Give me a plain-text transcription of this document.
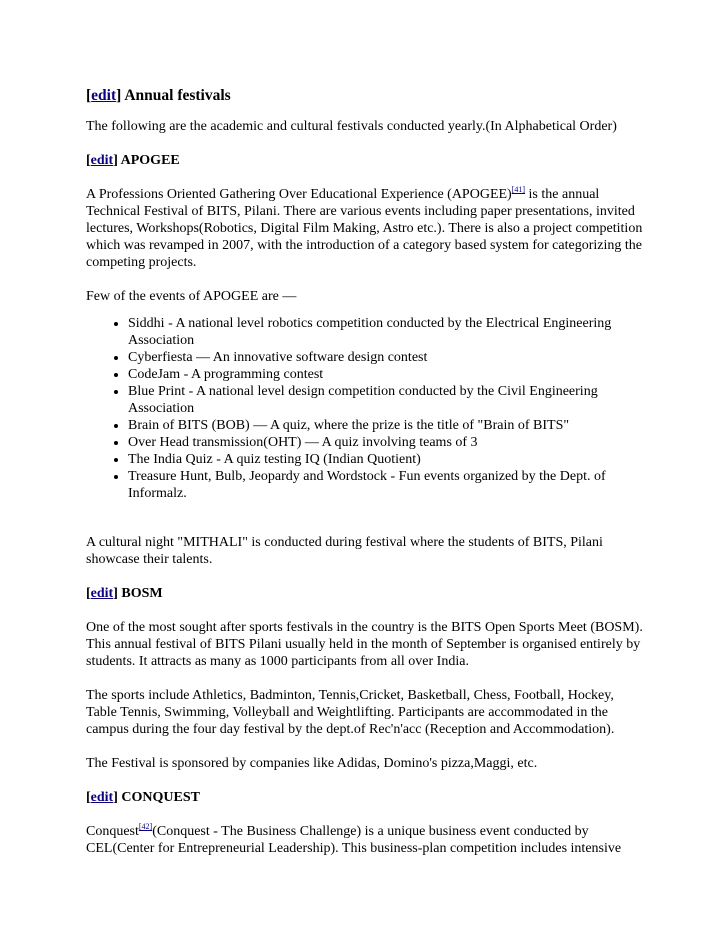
[edit] Annual festivals

The following are the academic and cultural festivals conducted yearly.(In Alphabetical Order)

[edit] APOGEE

A Professions Oriented Gathering Over Educational Experience (APOGEE)[41] is the annual Technical Festival of BITS, Pilani. There are various events including paper presentations, invited lectures, Workshops(Robotics, Digital Film Making, Astro etc.). There is also a project competition which was revamped in 2007, with the introduction of a category based system for categorizing the competing projects.

Few of the events of APOGEE are —

• Siddhi - A national level robotics competition conducted by the Electrical Engineering Association
• Cyberfiesta — An innovative software design contest
• CodeJam - A programming contest
• Blue Print - A national level design competition conducted by the Civil Engineering Association
• Brain of BITS (BOB) — A quiz, where the prize is the title of "Brain of BITS"
• Over Head transmission(OHT) — A quiz involving teams of 3
• The India Quiz - A quiz testing IQ (Indian Quotient)
• Treasure Hunt, Bulb, Jeopardy and Wordstock - Fun events organized by the Dept. of Informalz.

A cultural night "MITHALI" is conducted during festival where the students of BITS, Pilani showcase their talents.

[edit] BOSM

One of the most sought after sports festivals in the country is the BITS Open Sports Meet (BOSM). This annual festival of BITS Pilani usually held in the month of September is organised entirely by students. It attracts as many as 1000 participants from all over India.

The sports include Athletics, Badminton, Tennis,Cricket, Basketball, Chess, Football, Hockey, Table Tennis, Swimming, Volleyball and Weightlifting. Participants are accommodated in the campus during the four day festival by the dept.of Rec'n'acc (Reception and Accommodation).

The Festival is sponsored by companies like Adidas, Domino's pizza,Maggi, etc.

[edit] CONQUEST

Conquest[42](Conquest - The Business Challenge) is a unique business event conducted by CEL(Center for Entrepreneurial Leadership). This business-plan competition includes intensive
